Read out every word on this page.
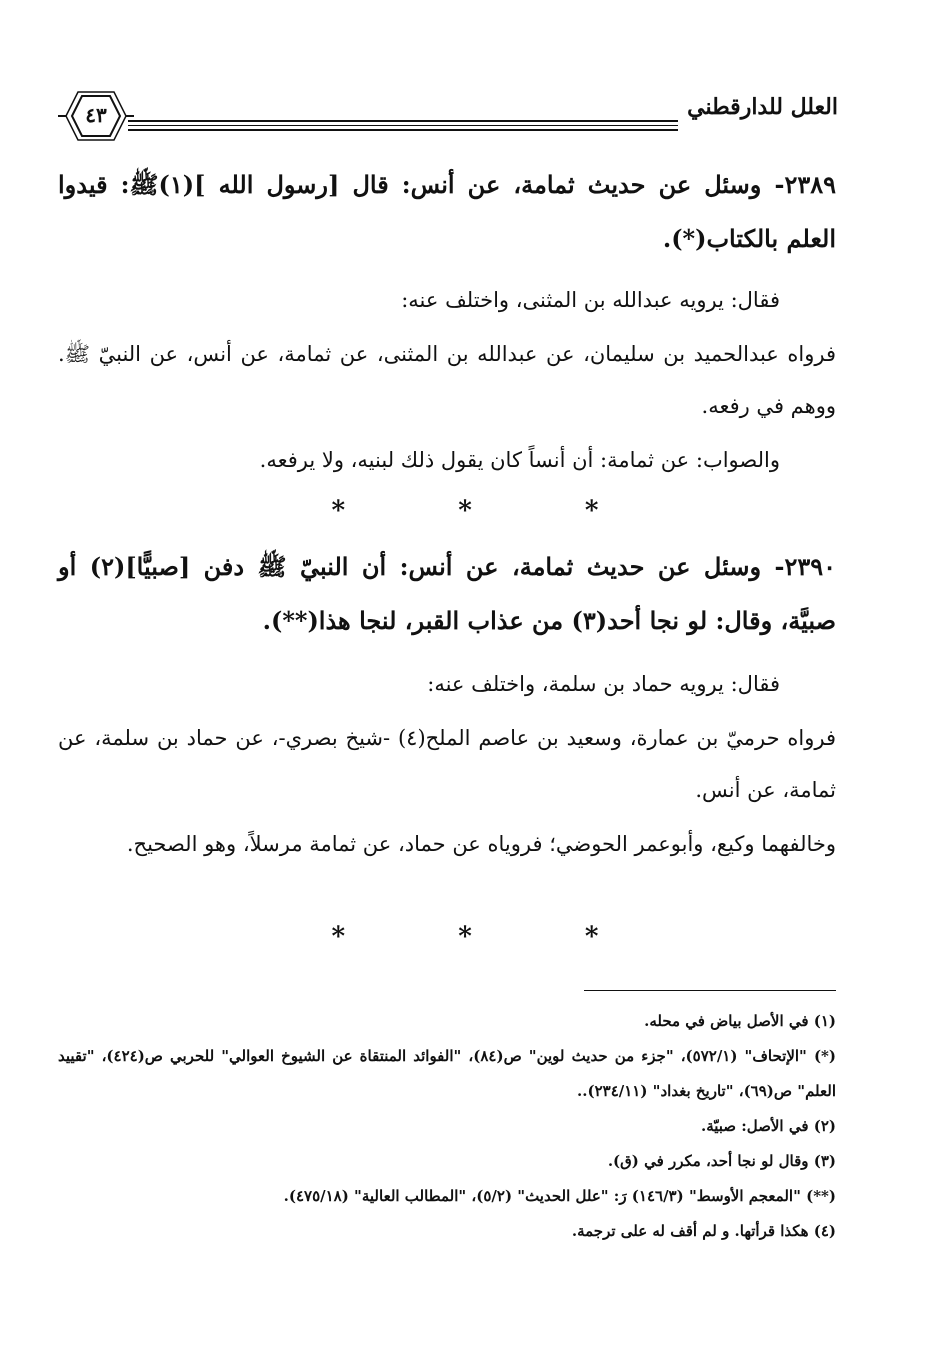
العلل للدارقطني
٤٣
٢٣٨٩- وسئل عن حديث ثمامة، عن أنس: قال [رسول الله ](١)ﷺ: قيدوا العلم بالكتاب(*).
فقال: يرويه عبدالله بن المثنى، واختلف عنه:
فرواه عبدالحميد بن سليمان، عن عبدالله بن المثنى، عن ثمامة، عن أنس، عن النبيّ ﷺ. ووهم في رفعه.
والصواب: عن ثمامة: أن أنساً كان يقول ذلك لبنيه، ولا يرفعه.
* * *
٢٣٩٠- وسئل عن حديث ثمامة، عن أنس: أن النبيّ ﷺ دفن [صبيًّا](٢) أو صبيَّة، وقال: لو نجا أحد(٣) من عذاب القبر، لنجا هذا(**).
فقال: يرويه حماد بن سلمة، واختلف عنه:
فرواه حرميّ بن عمارة، وسعيد بن عاصم الملح(٤) -شيخ بصري-، عن حماد بن سلمة، عن ثمامة، عن أنس.
وخالفهما وكيع، وأبوعمر الحوضي؛ فروياه عن حماد، عن ثمامة مرسلاً، وهو الصحيح.
* * *
(١) في الأصل بياض في محله.
(*) "الإتحاف" (٥٧٢/١)، "جزء من حديث لوين" ص(٨٤)، "الفوائد المنتقاة عن الشيوخ العوالي" للحربي ص(٤٢٤)، "تقييد العلم" ص(٦٩)، "تاريخ بغداد" (٢٣٤/١١)..
(٢) في الأصل: صبيّة.
(٣) وقال لو نجا أحد، مكرر في (ق).
(**) "المعجم الأوسط" (١٤٦/٣) رَ: "علل الحديث" (٥/٢)، "المطالب العالية" (٤٧٥/١٨).
(٤) هكذا قرأتها. و لم أقف له على ترجمة.
